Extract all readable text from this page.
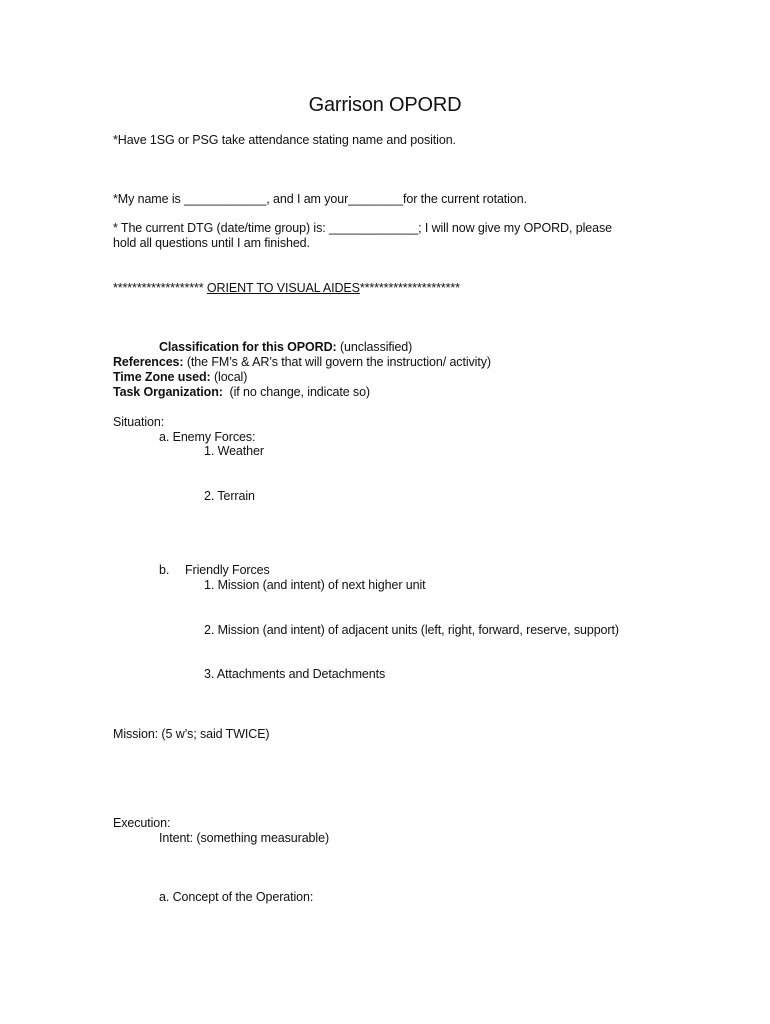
Garrison OPORD
*Have 1SG or PSG take attendance stating name and position.
*My name is ____________, and I am your________for the current rotation.
* The current DTG (date/time group) is: _____________; I will now give my OPORD, please
hold all questions until I am finished.
******************* ORIENT TO VISUAL AIDES*********************
Classification for this OPORD: (unclassified)
References: (the FM’s & AR’s that will govern the instruction/ activity)
Time Zone used: (local)
Task Organization: (if no change, indicate so)
Situation:
a. Enemy Forces:
1. Weather
2. Terrain
b. Friendly Forces
1. Mission (and intent) of next higher unit
2. Mission (and intent) of adjacent units (left, right, forward, reserve, support)
3. Attachments and Detachments
Mission: (5 w’s; said TWICE)
Execution:
Intent: (something measurable)
a. Concept of the Operation:
